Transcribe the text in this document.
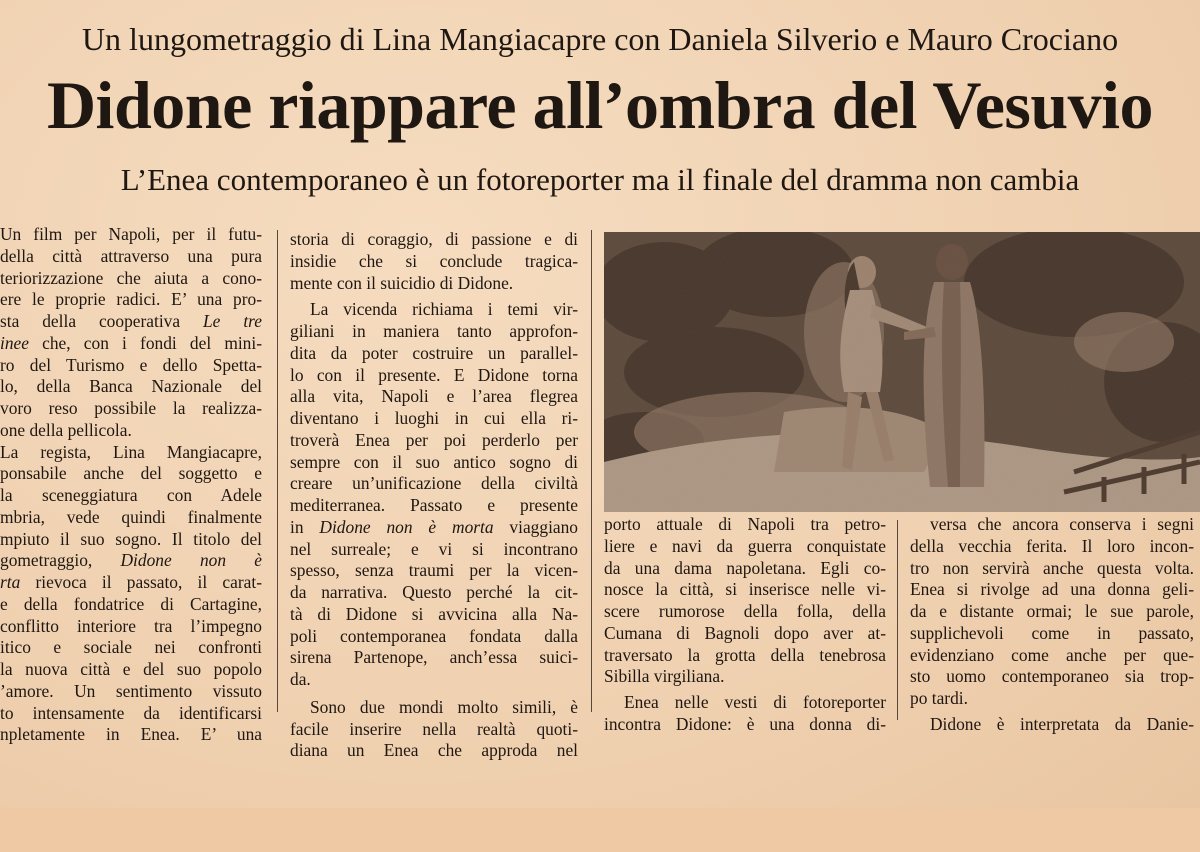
Un lungometraggio di Lina Mangiacapre con Daniela Silverio e Mauro Crociano
Didone riappare all’ombra del Vesuvio
L’Enea contemporaneo è un fotoreporter ma il finale del dramma non cambia
Un film per Napoli, per il futu-
della città attraverso una pura
teriorizzazione che aiuta a cono-
ere le proprie radici. E’ una pro-
sta della cooperativa Le tre
inee che, con i fondi del mini-
ro del Turismo e dello Spetta-
lo, della Banca Nazionale del
voro reso possibile la realizza-
one della pellicola.
La regista, Lina Mangiacapre,
ponsabile anche del soggetto e
la sceneggiatura con Adele
mbria, vede quindi finalmente
mpiuto il suo sogno. Il titolo del
gometraggio, Didone non è
rta rievoca il passato, il carat-
e della fondatrice di Cartagine,
conflitto interiore tra l’impegno
itico e sociale nei confronti
la nuova città e del suo popolo
’amore. Un sentimento vissuto
to intensamente da identificarsi
npletamente in Enea. E’ una
storia di coraggio, di passione e di
insidie che si conclude tragica-
mente con il suicidio di Didone.
La vicenda richiama i temi vir-
giliani in maniera tanto approfon-
dita da poter costruire un parallel-
lo con il presente. E Didone torna
alla vita, Napoli e l’area flegrea
diventano i luoghi in cui ella ri-
troverà Enea per poi perderlo per
sempre con il suo antico sogno di
creare un’unificazione della civiltà
mediterranea. Passato e presente
in Didone non è morta viaggiano
nel surreale; e vi si incontrano
spesso, senza traumi per la vicen-
da narrativa. Questo perché la cit-
tà di Didone si avvicina alla Na-
poli contemporanea fondata dalla
sirena Partenope, anch’essa suici-
da.
Sono due mondi molto simili, è
facile inserire nella realtà quoti-
diana un Enea che approda nel
porto attuale di Napoli tra petro-
liere e navi da guerra conquistate
da una dama napoletana. Egli co-
nosce la città, si inserisce nelle vi-
scere rumorose della folla, della
Cumana di Bagnoli dopo aver at-
traversato la grotta della tenebrosa
Sibilla virgiliana.
Enea nelle vesti di fotoreporter
incontra Didone: è una donna di-
versa che ancora conserva i segni
della vecchia ferita. Il loro incon-
tro non servirà anche questa volta.
Enea si rivolge ad una donna geli-
da e distante ormai; le sue parole,
supplichevoli come in passato,
evidenziano come anche per que-
sto uomo contemporaneo sia trop-
po tardi.
Didone è interpretata da Danie-
